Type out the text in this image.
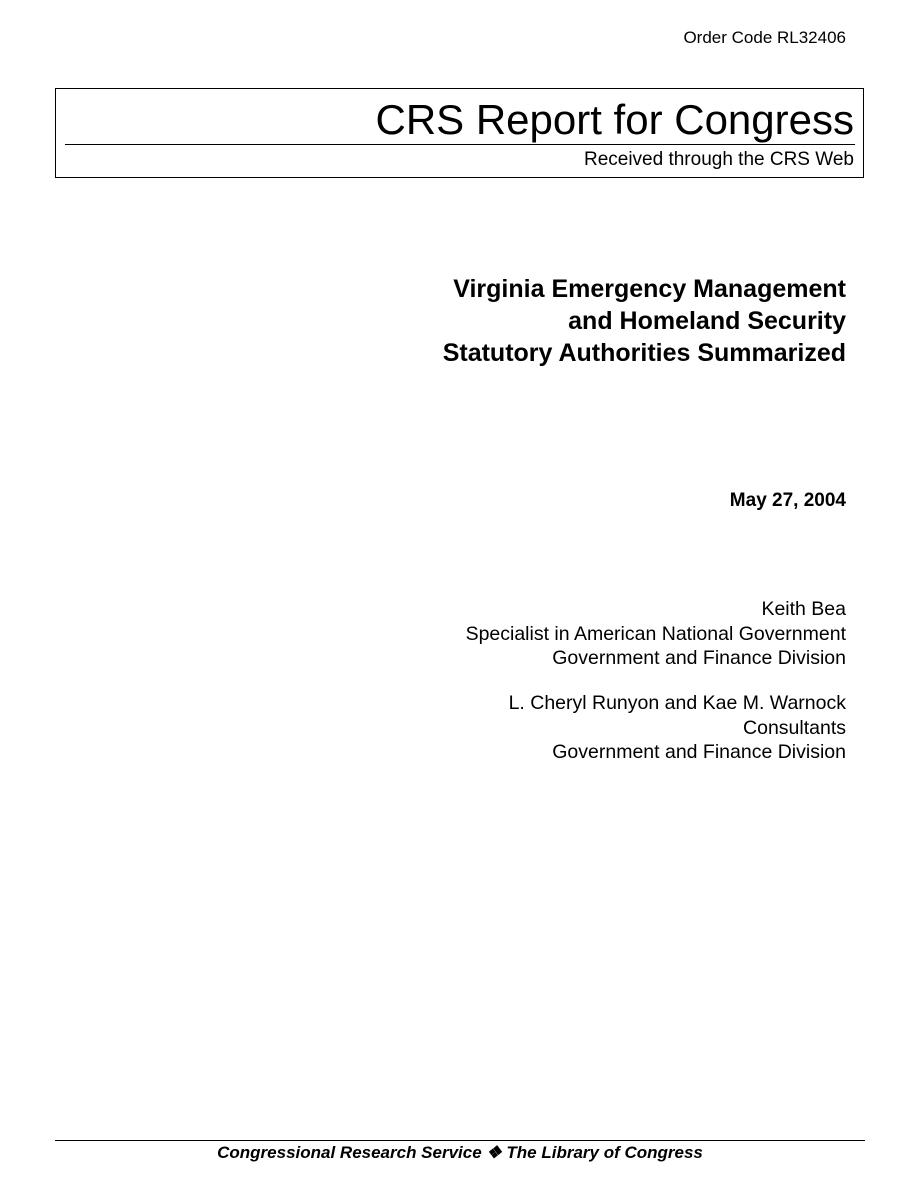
Order Code RL32406
CRS Report for Congress
Received through the CRS Web
Virginia Emergency Management
and Homeland Security
Statutory Authorities Summarized
May 27, 2004
Keith Bea
Specialist in American National Government
Government and Finance Division
L. Cheryl Runyon and Kae M. Warnock
Consultants
Government and Finance Division
Congressional Research Service ❖ The Library of Congress
